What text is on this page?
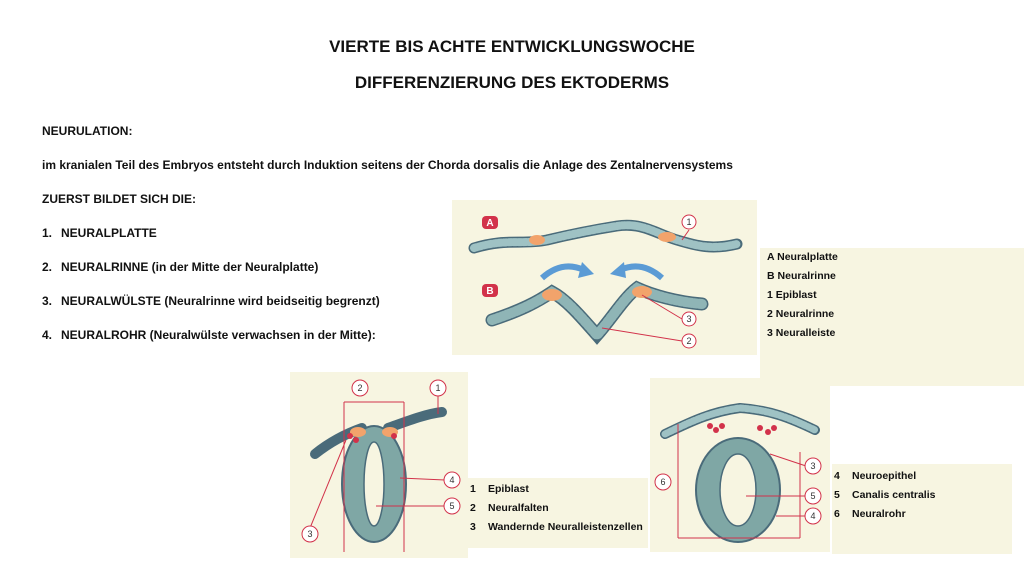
VIERTE BIS ACHTE ENTWICKLUNGSWOCHE
DIFFERENZIERUNG DES EKTODERMS
NEURULATION:
im kranialen Teil des Embryos entsteht durch Induktion seitens der Chorda dorsalis die Anlage des Zentalnervensystems
ZUERST BILDET SICH DIE:
1. NEURALPLATTE
2. NEURALRINNE (in der Mitte der Neuralplatte)
3. NEURALWÜLSTE (Neuralrinne wird beidseitig begrenzt)
4. NEURALROHR (Neuralwülste verwachsen in der Mitte):
A
B
1
3
2
A Neuralplatte
B Neuralrinne
1 Epiblast
2 Neuralrinne
3 Neuralleiste
2	1
4
5
3
1 Epiblast
2 Neuralfalten
3 Wandernde Neuralleistenzellen
3
5
4
6	4 Neuroepithel
5 Canalis centralis
6 Neuralrohr
